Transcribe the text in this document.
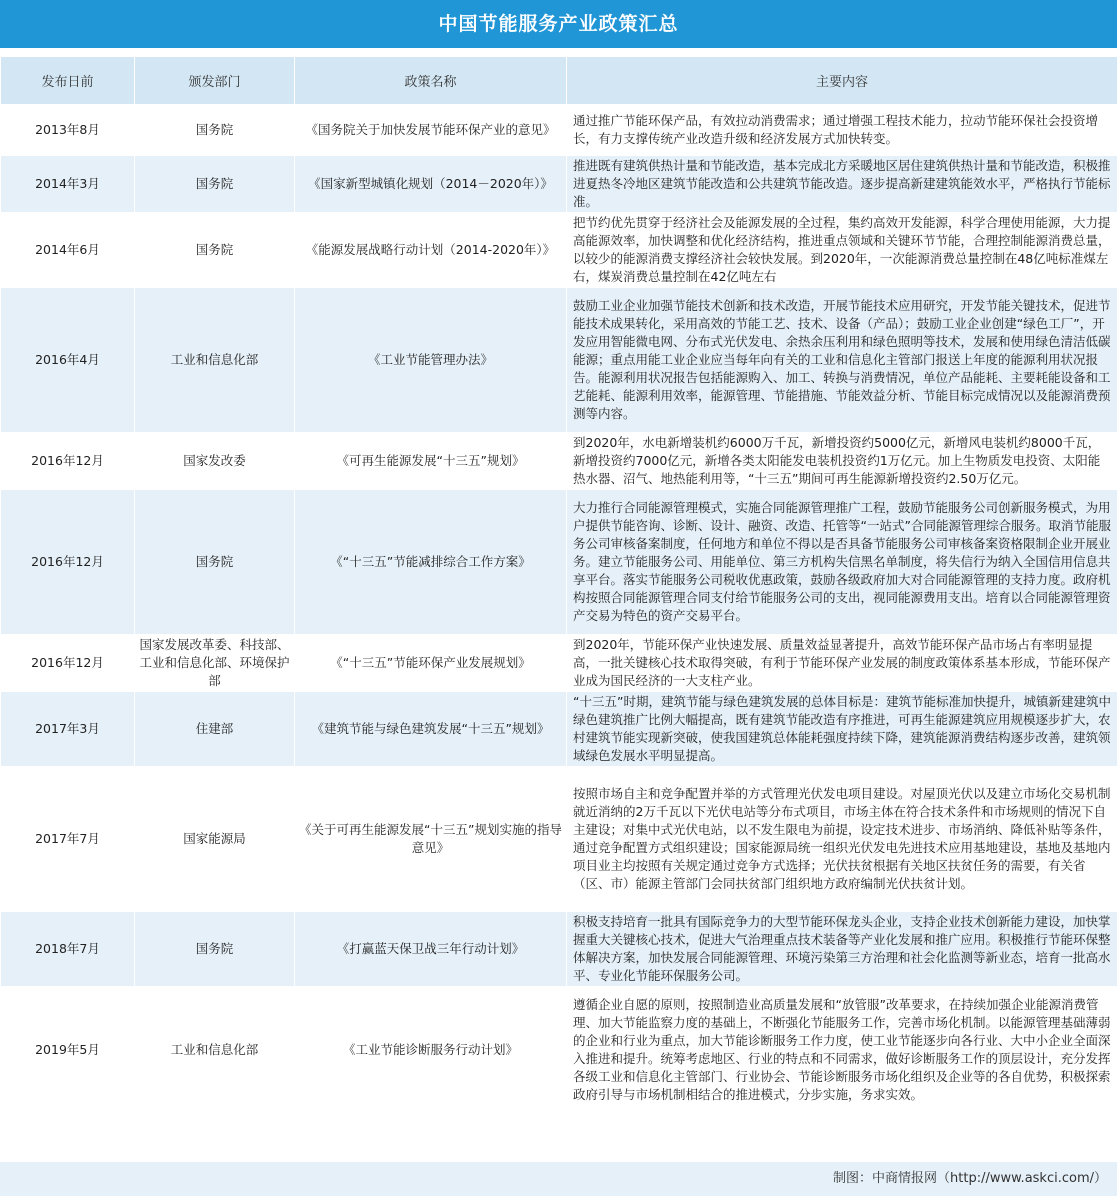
中国节能服务产业政策汇总
发布日前	颁发部门	政策名称	主要内容
2013年8月	国务院	《国务院关于加快发展节能环保产业的意见》	通过推广节能环保产品，有效拉动消费需求；通过增强工程技术能力，拉动节能环保社会投资增长，有力支撑传统产业改造升级和经济发展方式加快转变。
2014年3月	国务院	《国家新型城镇化规划（2014－2020年）》	推进既有建筑供热计量和节能改造，基本完成北方采暖地区居住建筑供热计量和节能改造，积极推进夏热冬冷地区建筑节能改造和公共建筑节能改造。逐步提高新建建筑能效水平，严格执行节能标准。
2014年6月	国务院	《能源发展战略行动计划（2014-2020年）》	把节约优先贯穿于经济社会及能源发展的全过程，集约高效开发能源，科学合理使用能源，大力提高能源效率，加快调整和优化经济结构，推进重点领域和关键环节节能，合理控制能源消费总量，以较少的能源消费支撑经济社会较快发展。到2020年，一次能源消费总量控制在48亿吨标准煤左右，煤炭消费总量控制在42亿吨左右
2016年4月	工业和信息化部	《工业节能管理办法》	鼓励工业企业加强节能技术创新和技术改造，开展节能技术应用研究，开发节能关键技术，促进节能技术成果转化，采用高效的节能工艺、技术、设备（产品）；鼓励工业企业创建“绿色工厂”，开发应用智能微电网、分布式光伏发电、余热余压利用和绿色照明等技术，发展和使用绿色清洁低碳能源；重点用能工业企业应当每年向有关的工业和信息化主管部门报送上年度的能源利用状况报告。能源利用状况报告包括能源购入、加工、转换与消费情况，单位产品能耗、主要耗能设备和工艺能耗、能源利用效率，能源管理、节能措施、节能效益分析、节能目标完成情况以及能源消费预测等内容。
2016年12月	国家发改委	《可再生能源发展“十三五”规划》	到2020年，水电新增装机约6000万千瓦，新增投资约5000亿元，新增风电装机约8000千瓦，新增投资约7000亿元，新增各类太阳能发电装机投资约1万亿元。加上生物质发电投资、太阳能热水器、沼气、地热能利用等，“十三五”期间可再生能源新增投资约2.50万亿元。
2016年12月	国务院	《“十三五”节能减排综合工作方案》	大力推行合同能源管理模式，实施合同能源管理推广工程，鼓励节能服务公司创新服务模式，为用户提供节能咨询、诊断、设计、融资、改造、托管等“一站式”合同能源管理综合服务。取消节能服务公司审核备案制度，任何地方和单位不得以是否具备节能服务公司审核备案资格限制企业开展业务。建立节能服务公司、用能单位、第三方机构失信黑名单制度，将失信行为纳入全国信用信息共享平台。落实节能服务公司税收优惠政策，鼓励各级政府加大对合同能源管理的支持力度。政府机构按照合同能源管理合同支付给节能服务公司的支出，视同能源费用支出。培育以合同能源管理资产交易为特色的资产交易平台。
2016年12月	国家发展改革委、科技部、工业和信息化部、环境保护部	《“十三五”节能环保产业发展规划》	到2020年，节能环保产业快速发展、质量效益显著提升，高效节能环保产品市场占有率明显提高，一批关键核心技术取得突破，有利于节能环保产业发展的制度政策体系基本形成，节能环保产业成为国民经济的一大支柱产业。
2017年3月	住建部	《建筑节能与绿色建筑发展“十三五”规划》	“十三五”时期，建筑节能与绿色建筑发展的总体目标是：建筑节能标准加快提升，城镇新建建筑中绿色建筑推广比例大幅提高，既有建筑节能改造有序推进，可再生能源建筑应用规模逐步扩大，农村建筑节能实现新突破，使我国建筑总体能耗强度持续下降，建筑能源消费结构逐步改善，建筑领域绿色发展水平明显提高。
2017年7月	国家能源局	《关于可再生能源发展“十三五”规划实施的指导意见》	按照市场自主和竞争配置并举的方式管理光伏发电项目建设。对屋顶光伏以及建立市场化交易机制就近消纳的2万千瓦以下光伏电站等分布式项目，市场主体在符合技术条件和市场规则的情况下自主建设；对集中式光伏电站，以不发生限电为前提，设定技术进步、市场消纳、降低补贴等条件，通过竞争配置方式组织建设；国家能源局统一组织光伏发电先进技术应用基地建设，基地及基地内项目业主均按照有关规定通过竞争方式选择；光伏扶贫根据有关地区扶贫任务的需要，有关省（区、市）能源主管部门会同扶贫部门组织地方政府编制光伏扶贫计划。
2018年7月	国务院	《打赢蓝天保卫战三年行动计划》	积极支持培育一批具有国际竞争力的大型节能环保龙头企业，支持企业技术创新能力建设，加快掌握重大关键核心技术，促进大气治理重点技术装备等产业化发展和推广应用。积极推行节能环保整体解决方案，加快发展合同能源管理、环境污染第三方治理和社会化监测等新业态，培育一批高水平、专业化节能环保服务公司。
2019年5月	工业和信息化部	《工业节能诊断服务行动计划》	遵循企业自愿的原则，按照制造业高质量发展和“放管服”改革要求，在持续加强企业能源消费管理、加大节能监察力度的基础上，不断强化节能服务工作，完善市场化机制。以能源管理基础薄弱的企业和行业为重点，加大节能诊断服务工作力度，使工业节能逐步向各行业、大中小企业全面深入推进和提升。统筹考虑地区、行业的特点和不同需求，做好诊断服务工作的顶层设计，充分发挥各级工业和信息化主管部门、行业协会、节能诊断服务市场化组织及企业等的各自优势，积极探索政府引导与市场机制相结合的推进模式，分步实施，务求实效。
制图：中商情报网（http://www.askci.com/）
